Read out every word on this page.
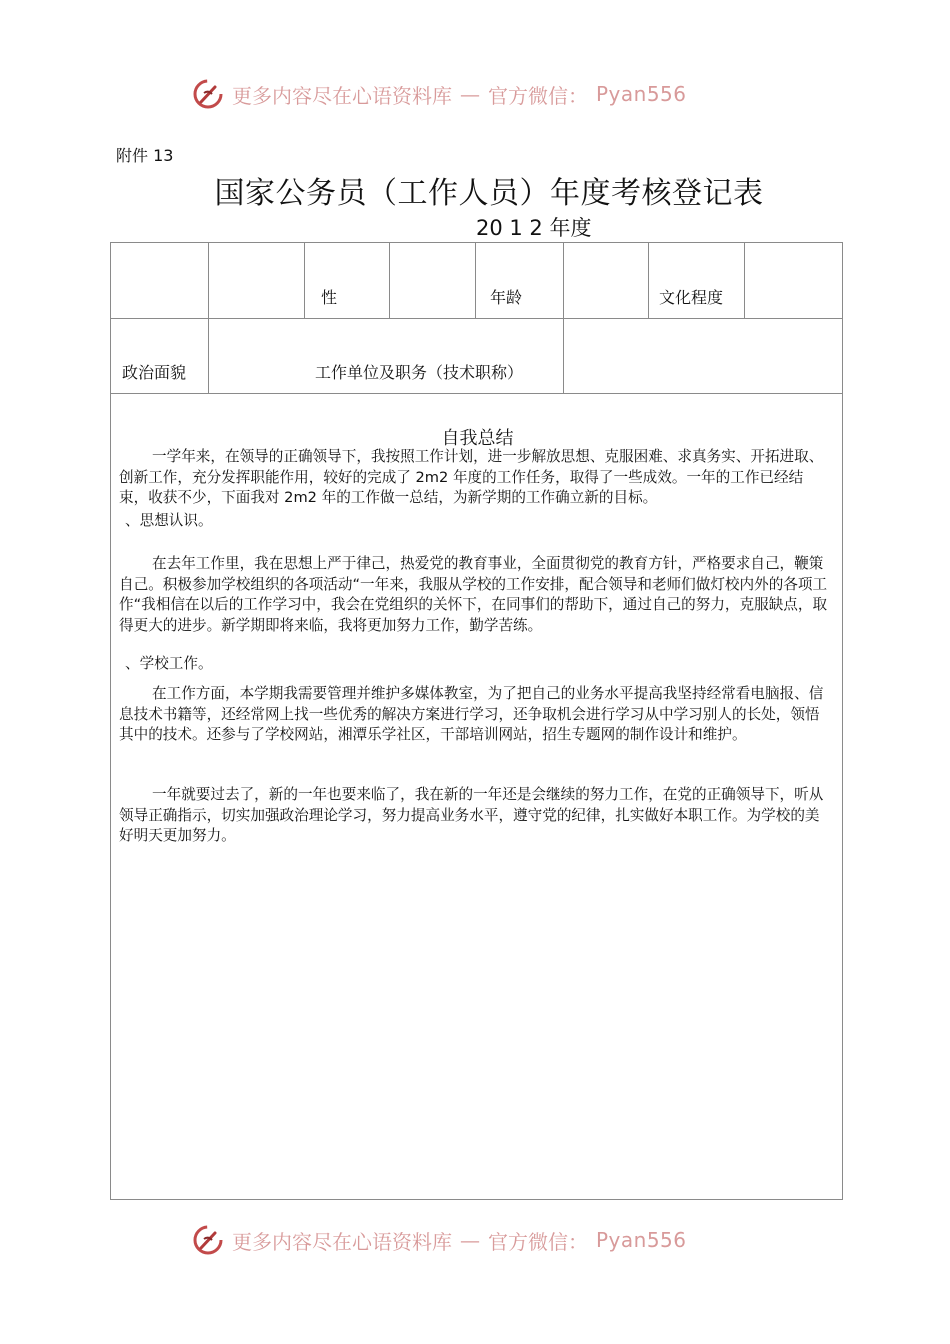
更多内容尽在心语资料库 — 官方微信： Pyan556
附件 13
国家公务员（工作人员）年度考核登记表
20 1 2 年度
性	年龄	文化程度
政治面貌	工作单位及职务（技术职称）
自我总结

一学年来，在领导的正确领导下，我按照工作计划，进一步解放思想、克服困难、求真务实、开拓进取、创新工作，充分发挥职能作用，较好的完成了 2m2 年度的工作任务，取得了一些成效。一年的工作已经结束，收获不少，下面我对 2m2 年的工作做一总结，为新学期的工作确立新的目标。

、思想认识。

在去年工作里，我在思想上严于律己，热爱党的教育事业，全面贯彻党的教育方针，严格要求自己，鞭策自己。积极参加学校组织的各项活动“一年来，我服从学校的工作安排，配合领导和老师们做灯校内外的各项工作“我相信在以后的工作学习中，我会在党组织的关怀下，在同事们的帮助下，通过自己的努力，克服缺点，取得更大的进步。新学期即将来临，我将更加努力工作，勤学苦练。

、学校工作。

在工作方面，本学期我需要管理并维护多媒体教室，为了把自己的业务水平提高我坚持经常看电脑报、信息技术书籍等，还经常网上找一些优秀的解决方案进行学习，还争取机会进行学习从中学习别人的长处，领悟其中的技术。还参与了学校网站，湘潭乐学社区，干部培训网站，招生专题网的制作设计和维护。

一年就要过去了，新的一年也要来临了，我在新的一年还是会继续的努力工作，在党的正确领导下，听从领导正确指示，切实加强政治理论学习，努力提高业务水平，遵守党的纪律，扎实做好本职工作。为学校的美好明天更加努力。

更多内容尽在心语资料库 — 官方微信： Pyan556
